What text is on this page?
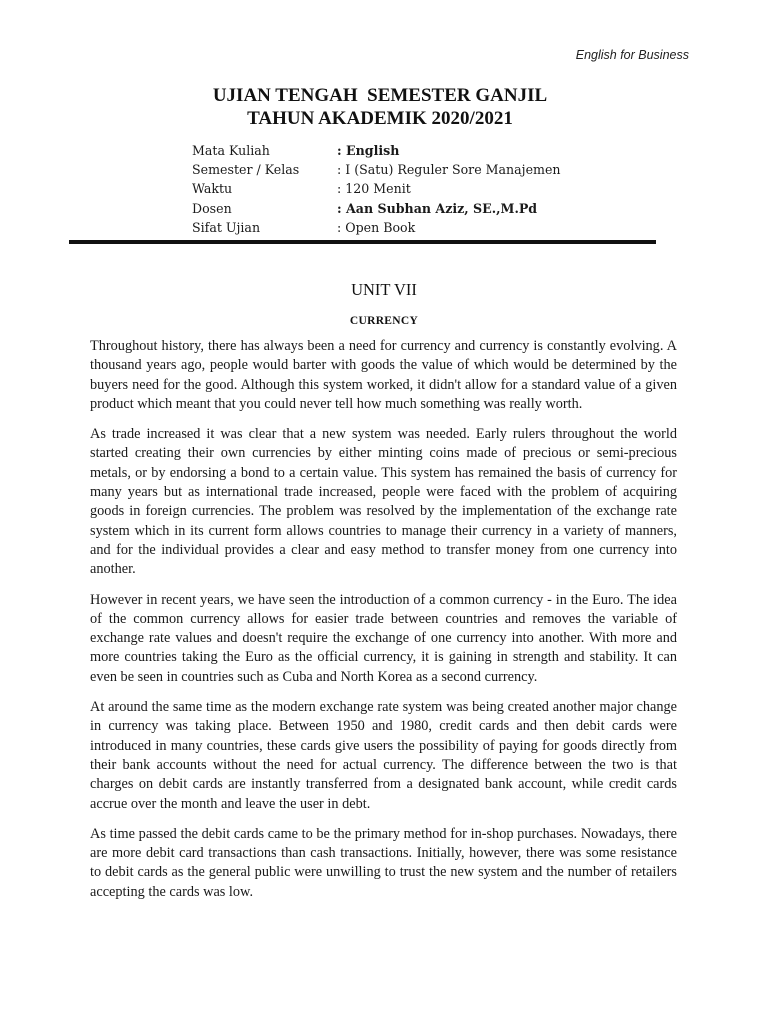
English for Business
UJIAN TENGAH  SEMESTER GANJIL
TAHUN AKADEMIK 2020/2021
Mata Kuliah	: English
Semester / Kelas	: I (Satu) Reguler Sore Manajemen
Waktu	: 120 Menit
Dosen	: Aan Subhan Aziz, SE.,M.Pd
Sifat Ujian	: Open Book
UNIT VII
CURRENCY

Throughout history, there has always been a need for currency and currency is constantly evolving. A thousand years ago, people would barter with goods the value of which would be determined by the buyers need for the good. Although this system worked, it didn't allow for a standard value of a given product which meant that you could never tell how much something was really worth.

As trade increased it was clear that a new system was needed. Early rulers throughout the world started creating their own currencies by either minting coins made of precious or semi-precious metals, or by endorsing a bond to a certain value. This system has remained the basis of currency for many years but as international trade increased, people were faced with the problem of acquiring goods in foreign currencies. The problem was resolved by the implementation of the exchange rate system which in its current form allows countries to manage their currency in a variety of manners, and for the individual provides a clear and easy method to transfer money from one currency into another.

However in recent years, we have seen the introduction of a common currency - in the Euro. The idea of the common currency allows for easier trade between countries and removes the variable of exchange rate values and doesn't require the exchange of one currency into another. With more and more countries taking the Euro as the official currency, it is gaining in strength and stability. It can even be seen in countries such as Cuba and North Korea as a second currency.

At around the same time as the modern exchange rate system was being created another major change in currency was taking place. Between 1950 and 1980, credit cards and then debit cards were introduced in many countries, these cards give users the possibility of paying for goods directly from their bank accounts without the need for actual currency. The difference between the two is that charges on debit cards are instantly transferred from a designated bank account, while credit cards accrue over the month and leave the user in debt.

As time passed the debit cards came to be the primary method for in-shop purchases. Nowadays, there are more debit card transactions than cash transactions. Initially, however, there was some resistance to debit cards as the general public were unwilling to trust the new system and the number of retailers accepting the cards was low.
